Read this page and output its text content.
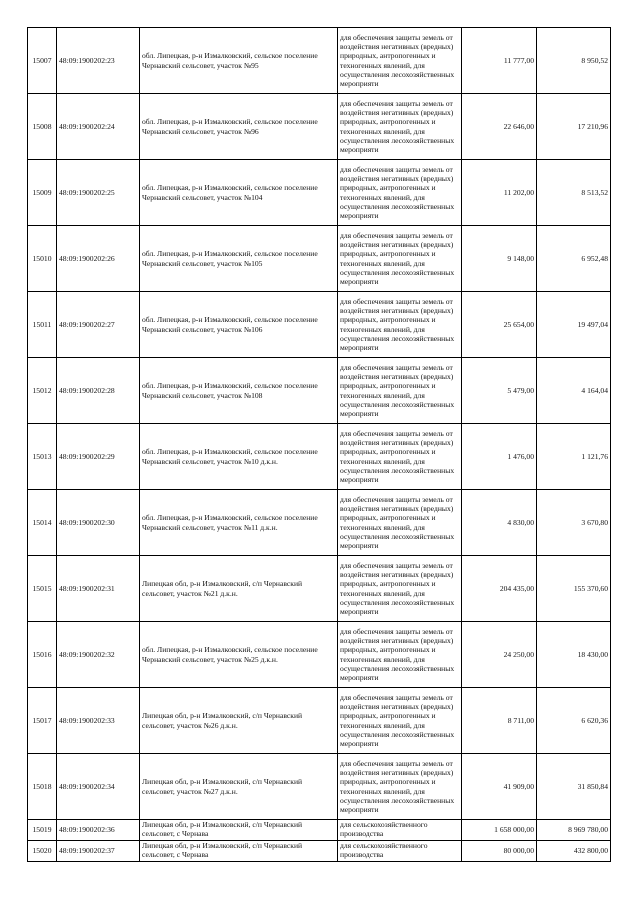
15007	48:09:1900202:23	обл. Липецкая, р-н Измалковский, сельское поселение Чернавский сельсовет, участок №95	для обеспечения защиты земель от воздействия негативных (вредных) природных, антропогенных и техногенных явлений, для осуществления лесохозяйственных мероприяти	11 777,00	8 950,52
15008	48:09:1900202:24	обл. Липецкая, р-н Измалковский, сельское поселение Чернавский сельсовет, участок №96	для обеспечения защиты земель от воздействия негативных (вредных) природных, антропогенных и техногенных явлений, для осуществления лесохозяйственных мероприяти	22 646,00	17 210,96
15009	48:09:1900202:25	обл. Липецкая, р-н Измалковский, сельское поселение Чернавский сельсовет, участок №104	для обеспечения защиты земель от воздействия негативных (вредных) природных, антропогенных и техногенных явлений, для осуществления лесохозяйственных мероприяти	11 202,00	8 513,52
15010	48:09:1900202:26	обл. Липецкая, р-н Измалковский, сельское поселение Чернавский сельсовет, участок №105	для обеспечения защиты земель от воздействия негативных (вредных) природных, антропогенных и техногенных явлений, для осуществления лесохозяйственных мероприяти	9 148,00	6 952,48
15011	48:09:1900202:27	обл. Липецкая, р-н Измалковский, сельское поселение Чернавский сельсовет, участок №106	для обеспечения защиты земель от воздействия негативных (вредных) природных, антропогенных и техногенных явлений, для осуществления лесохозяйственных мероприяти	25 654,00	19 497,04
15012	48:09:1900202:28	обл. Липецкая, р-н Измалковский, сельское поселение Чернавский сельсовет, участок №108	для обеспечения защиты земель от воздействия негативных (вредных) природных, антропогенных и техногенных явлений, для осуществления лесохозяйственных мероприяти	5 479,00	4 164,04
15013	48:09:1900202:29	обл. Липецкая, р-н Измалковский, сельское поселение Чернавский сельсовет, участок №10 д.к.н.	для обеспечения защиты земель от воздействия негативных (вредных) природных, антропогенных и техногенных явлений, для осуществления лесохозяйственных мероприяти	1 476,00	1 121,76
15014	48:09:1900202:30	обл. Липецкая, р-н Измалковский, сельское поселение Чернавский сельсовет, участок №11 д.к.н.	для обеспечения защиты земель от воздействия негативных (вредных) природных, антропогенных и техногенных явлений, для осуществления лесохозяйственных мероприяти	4 830,00	3 670,80
15015	48:09:1900202:31	Липецкая обл, р-н Измалковский, с/п Чернавский сельсовет, участок №21 д.к.н.	для обеспечения защиты земель от воздействия негативных (вредных) природных, антропогенных и техногенных явлений, для осуществления лесохозяйственных мероприяти	204 435,00	155 370,60
15016	48:09:1900202:32	обл. Липецкая, р-н Измалковский, сельское поселение Чернавский сельсовет, участок №25 д.к.н.	для обеспечения защиты земель от воздействия негативных (вредных) природных, антропогенных и техногенных явлений, для осуществления лесохозяйственных мероприяти	24 250,00	18 430,00
15017	48:09:1900202:33	Липецкая обл, р-н Измалковский, с/п Чернавский сельсовет, участок №26 д.к.н.	для обеспечения защиты земель от воздействия негативных (вредных) природных, антропогенных и техногенных явлений, для осуществления лесохозяйственных мероприяти	8 711,00	6 620,36
15018	48:09:1900202:34	Липецкая обл, р-н Измалковский, с/п Чернавский сельсовет, участок №27 д.к.н.	для обеспечения защиты земель от воздействия негативных (вредных) природных, антропогенных и техногенных явлений, для осуществления лесохозяйственных мероприяти	41 909,00	31 850,84
15019	48:09:1900202:36	Липецкая обл, р-н Измалковский, с/п Чернавский сельсовет, с Чернава	для сельскохозяйственного производства	1 658 000,00	8 969 780,00
15020	48:09:1900202:37	Липецкая обл, р-н Измалковский, с/п Чернавский сельсовет, с Чернава	для сельскохозяйственного производства	80 000,00	432 800,00
